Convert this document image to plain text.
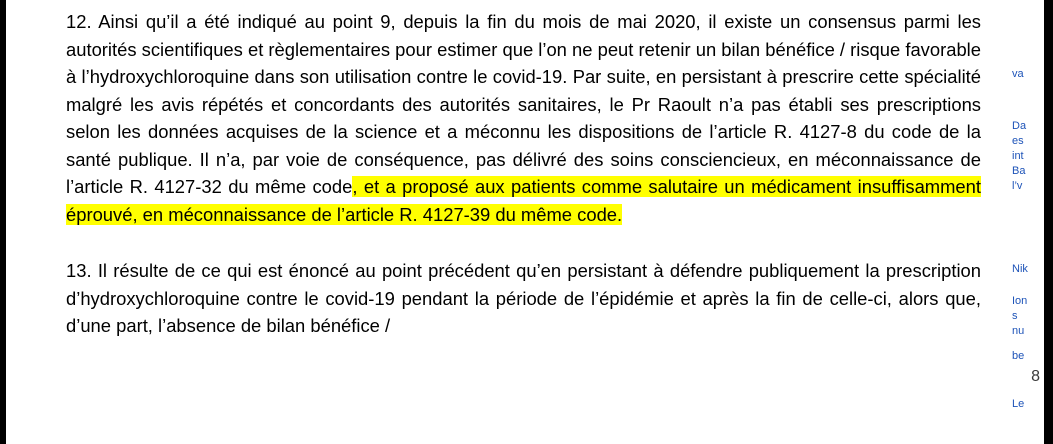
12. Ainsi qu’il a été indiqué au point 9, depuis la fin du mois de mai 2020, il existe un consensus parmi les autorités scientifiques et règlementaires pour estimer que l’on ne peut retenir un bilan bénéfice / risque favorable à l’hydroxychloroquine dans son utilisation contre le covid-19. Par suite, en persistant à prescrire cette spécialité malgré les avis répétés et concordants des autorités sanitaires, le Pr Raoult n’a pas établi ses prescriptions selon les données acquises de la science et a méconnu les dispositions de l’article R. 4127-8 du code de la santé publique. Il n’a, par voie de conséquence, pas délivré des soins consciencieux, en méconnaissance de l’article R. 4127-32 du même code, et a proposé aux patients comme salutaire un médicament insuffisamment éprouvé, en méconnaissance de l’article R. 4127-39 du même code.

13. Il résulte de ce qui est énoncé au point précédent qu’en persistant à défendre publiquement la prescription d’hydroxychloroquine contre le covid-19 pendant la période de l’épidémie et après la fin de celle-ci, alors que, d’une part, l’absence de bilan bénéfice /

8
va
Da
es
int
Ba
l’v
Nik
Ion
s
nu
be
Le
